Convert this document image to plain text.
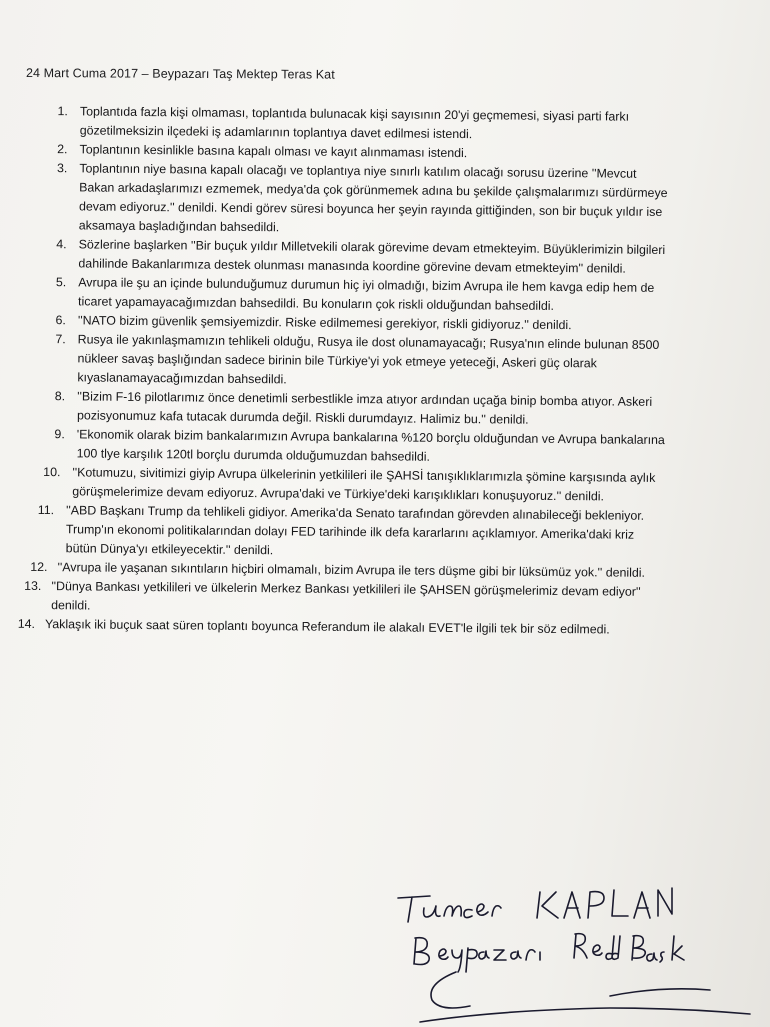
24 Mart Cuma 2017 – Beypazarı Taş Mektep Teras Kat
1. Toplantıda fazla kişi olmaması, toplantıda bulunacak kişi sayısının 20'yi geçmemesi, siyasi parti farkı gözetilmeksizin ilçedeki iş adamlarının toplantıya davet edilmesi istendi.
2. Toplantının kesinlikle basına kapalı olması ve kayıt alınmaması istendi.
3. Toplantının niye basına kapalı olacağı ve toplantıya niye sınırlı katılım olacağı sorusu üzerine ''Mevcut Bakan arkadaşlarımızı ezmemek, medya'da çok görünmemek adına bu şekilde çalışmalarımızı sürdürmeye devam ediyoruz.'' denildi. Kendi görev süresi boyunca her şeyin rayında gittiğinden, son bir buçuk yıldır ise aksamaya başladığından bahsedildi.
4. Sözlerine başlarken ''Bir buçuk yıldır Milletvekili olarak görevime devam etmekteyim. Büyüklerimizin bilgileri dahilinde Bakanlarımıza destek olunması manasında koordine görevine devam etmekteyim'' denildi.
5. Avrupa ile şu an içinde bulunduğumuz durumun hiç iyi olmadığı, bizim Avrupa ile hem kavga edip hem de ticaret yapamayacağımızdan bahsedildi. Bu konuların çok riskli olduğundan bahsedildi.
6. ''NATO bizim güvenlik şemsiyemizdir. Riske edilmemesi gerekiyor, riskli gidiyoruz.'' denildi.
7. Rusya ile yakınlaşmamızın tehlikeli olduğu, Rusya ile dost olunamayacağı; Rusya'nın elinde bulunan 8500 nükleer savaş başlığından sadece birinin bile Türkiye'yi yok etmeye yeteceği, Askeri güç olarak kıyaslanamayacağımızdan bahsedildi.
8. ''Bizim F-16 pilotlarımız önce denetimli serbestlikle imza atıyor ardından uçağa binip bomba atıyor. Askeri pozisyonumuz kafa tutacak durumda değil. Riskli durumdayız. Halimiz bu.'' denildi.
9. 'Ekonomik olarak bizim bankalarımızın Avrupa bankalarına %120 borçlu olduğundan ve Avrupa bankalarına 100 tlye karşılık 120tl borçlu durumda olduğumuzdan bahsedildi.
10. ''Kotumuzu, sivitimizi giyip Avrupa ülkelerinin yetkilileri ile ŞAHSİ tanışıklıklarımızla şömine karşısında aylık görüşmelerimize devam ediyoruz. Avrupa'daki ve Türkiye'deki karışıklıkları konuşuyoruz.'' denildi.
11. ''ABD Başkanı Trump da tehlikeli gidiyor. Amerika'da Senato tarafından görevden alınabileceği bekleniyor. Trump'ın ekonomi politikalarından dolayı FED tarihinde ilk defa kararlarını açıklamıyor. Amerika'daki kriz bütün Dünya'yı etkileyecektir.'' denildi.
12. ''Avrupa ile yaşanan sıkıntıların hiçbiri olmamalı, bizim Avrupa ile ters düşme gibi bir lüksümüz yok.'' denildi.
13. ''Dünya Bankası yetkilileri ve ülkelerin Merkez Bankası yetkilileri ile ŞAHSEN görüşmelerimiz devam ediyor'' denildi.
14. Yaklaşık iki buçuk saat süren toplantı boyunca Referandum ile alakalı EVET'le ilgili tek bir söz edilmedi.
